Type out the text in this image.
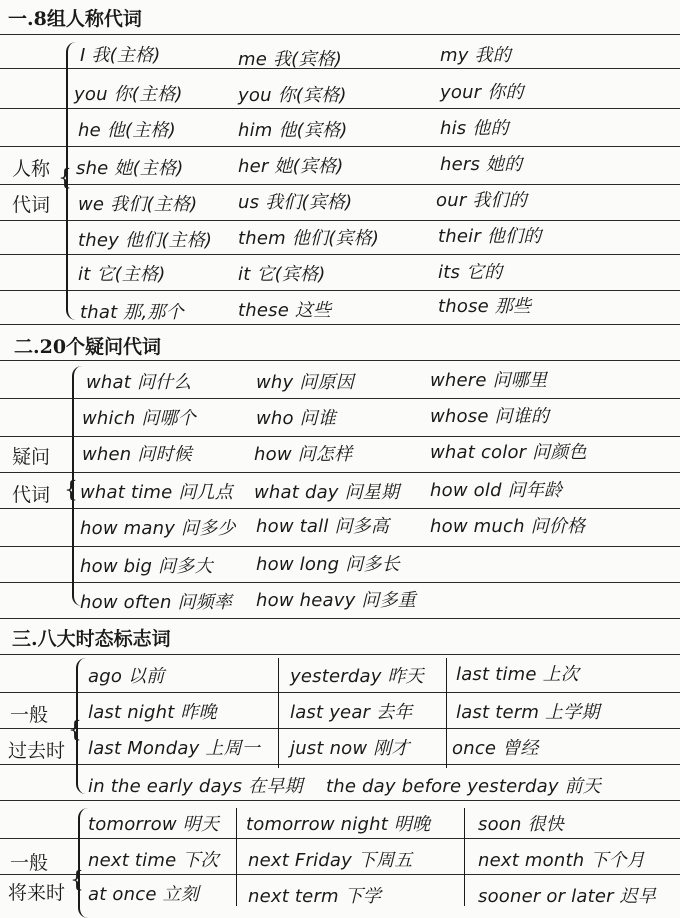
一.8组人称代词
{
人称
代词
I 我(主格)	me 我(宾格)	my 我的
you 你(主格)	you 你(宾格)	your 你的
he 他(主格)	him 他(宾格)	his 他的
she 她(主格)	her 她(宾格)	hers 她的
we 我们(主格) us 我们(宾格)	our 我们的
they 他们(主格) them 他们(宾格)	their 他们的
it 它(主格)	it 它(宾格)	its 它的
that 那,那个	these 这些	those 那些
二.20个疑问代词
{
疑问
代词
what 问什么	why 问原因	where 问哪里
which 问哪个	who 问谁	whose 问谁的
when 问时候	how 问怎样	what color 问颜色
what time 问几点 what day 问星期 how old 问年龄
how many 问多少 how tall 问多高 how much 问价格
how big 问多大 how long 问多长
how often 问频率 how heavy 问多重
三.八大时态标志词
{
一般
过去时
ago 以前	yesterday 昨天 last time 上次
last night 昨晚	last year 去年 last term 上学期
last Monday 上周一 just now 刚才 once 曾经
in the early days 在早期 the day before yesterday 前天
{
一般
将来时
tomorrow 明天 tomorrow night 明晚	soon 很快
next time 下次 next Friday 下周五	next month 下个月
at once 立刻	next term 下学	sooner or later 迟早
